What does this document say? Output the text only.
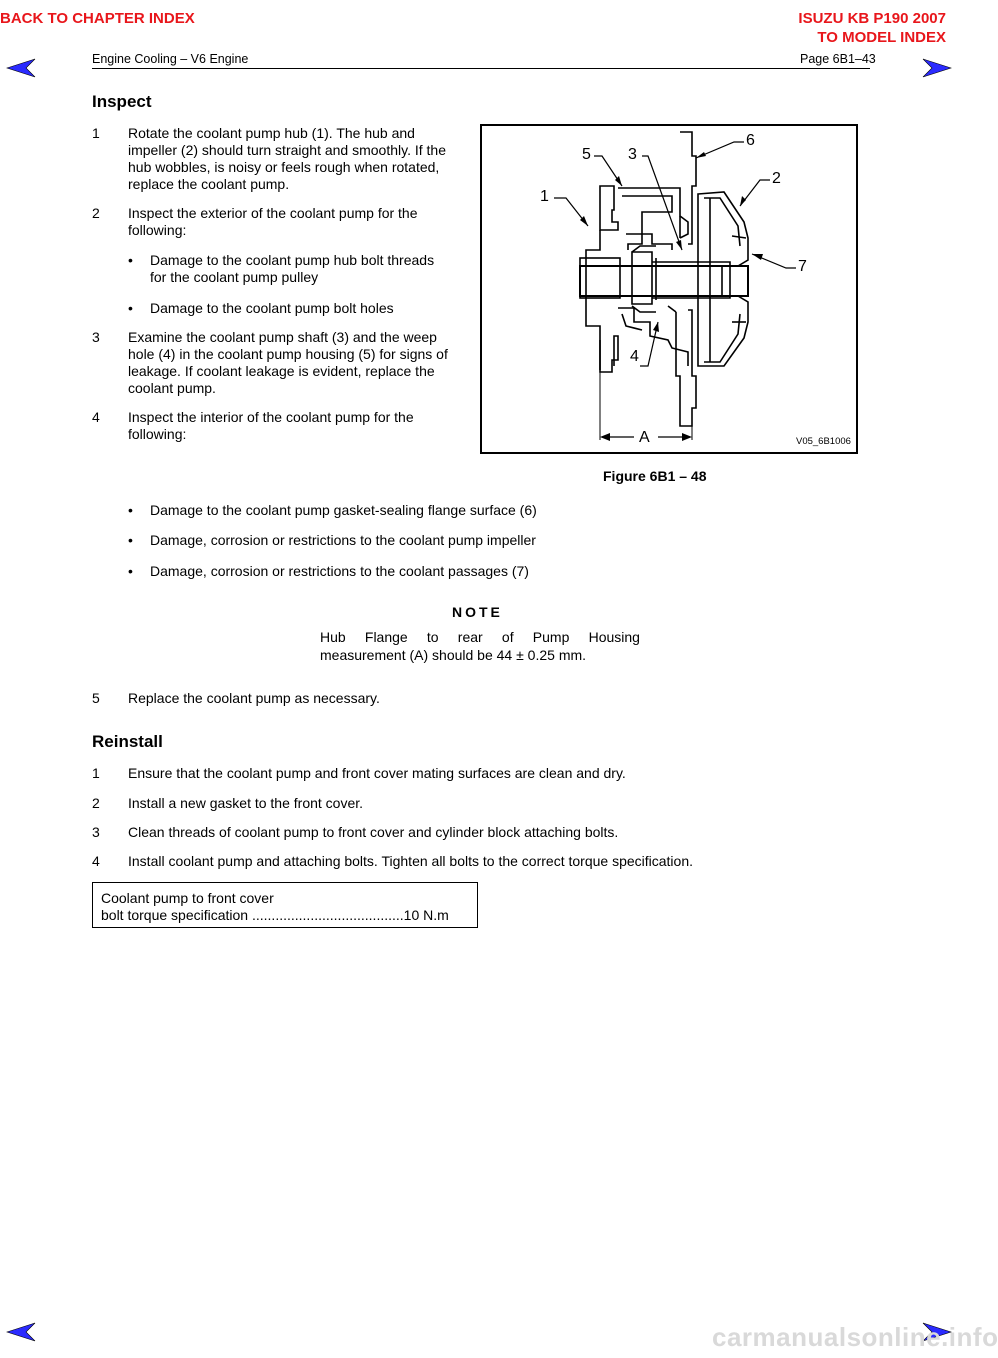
BACK TO CHAPTER INDEX	ISUZU KB P190 2007
TO MODEL INDEX
Engine Cooling – V6 Engine	Page 6B1–43
Inspect
1 Rotate the coolant pump hub (1). The hub and
impeller (2) should turn straight and smoothly. If the
hub wobbles, is noisy or feels rough when rotated,
replace the coolant pump.
2 Inspect the exterior of the coolant pump for the
following:
• Damage to the coolant pump hub bolt threads
for the coolant pump pulley
• Damage to the coolant pump bolt holes
3 Examine the coolant pump shaft (3) and the weep
hole (4) in the coolant pump housing (5) for signs of
leakage. If coolant leakage is evident, replace the
coolant pump.
4 Inspect the interior of the coolant pump for the
following:
1
2
3
4
5
6
7
A	V05_6B1006
Figure 6B1 – 48
• Damage to the coolant pump gasket-sealing flange surface (6)
• Damage, corrosion or restrictions to the coolant pump impeller
• Damage, corrosion or restrictions to the coolant passages (7)
NOTE
Hub Flange to rear of Pump Housing
measurement (A) should be 44 ± 0.25 mm.
5 Replace the coolant pump as necessary.
Reinstall
1 Ensure that the coolant pump and front cover mating surfaces are clean and dry.
2 Install a new gasket to the front cover.
3 Clean threads of coolant pump to front cover and cylinder block attaching bolts.
4 Install coolant pump and attaching bolts. Tighten all bolts to the correct torque specification.
Coolant pump to front cover
bolt torque specification .......................................10 N.m
carmanualsonline.info
